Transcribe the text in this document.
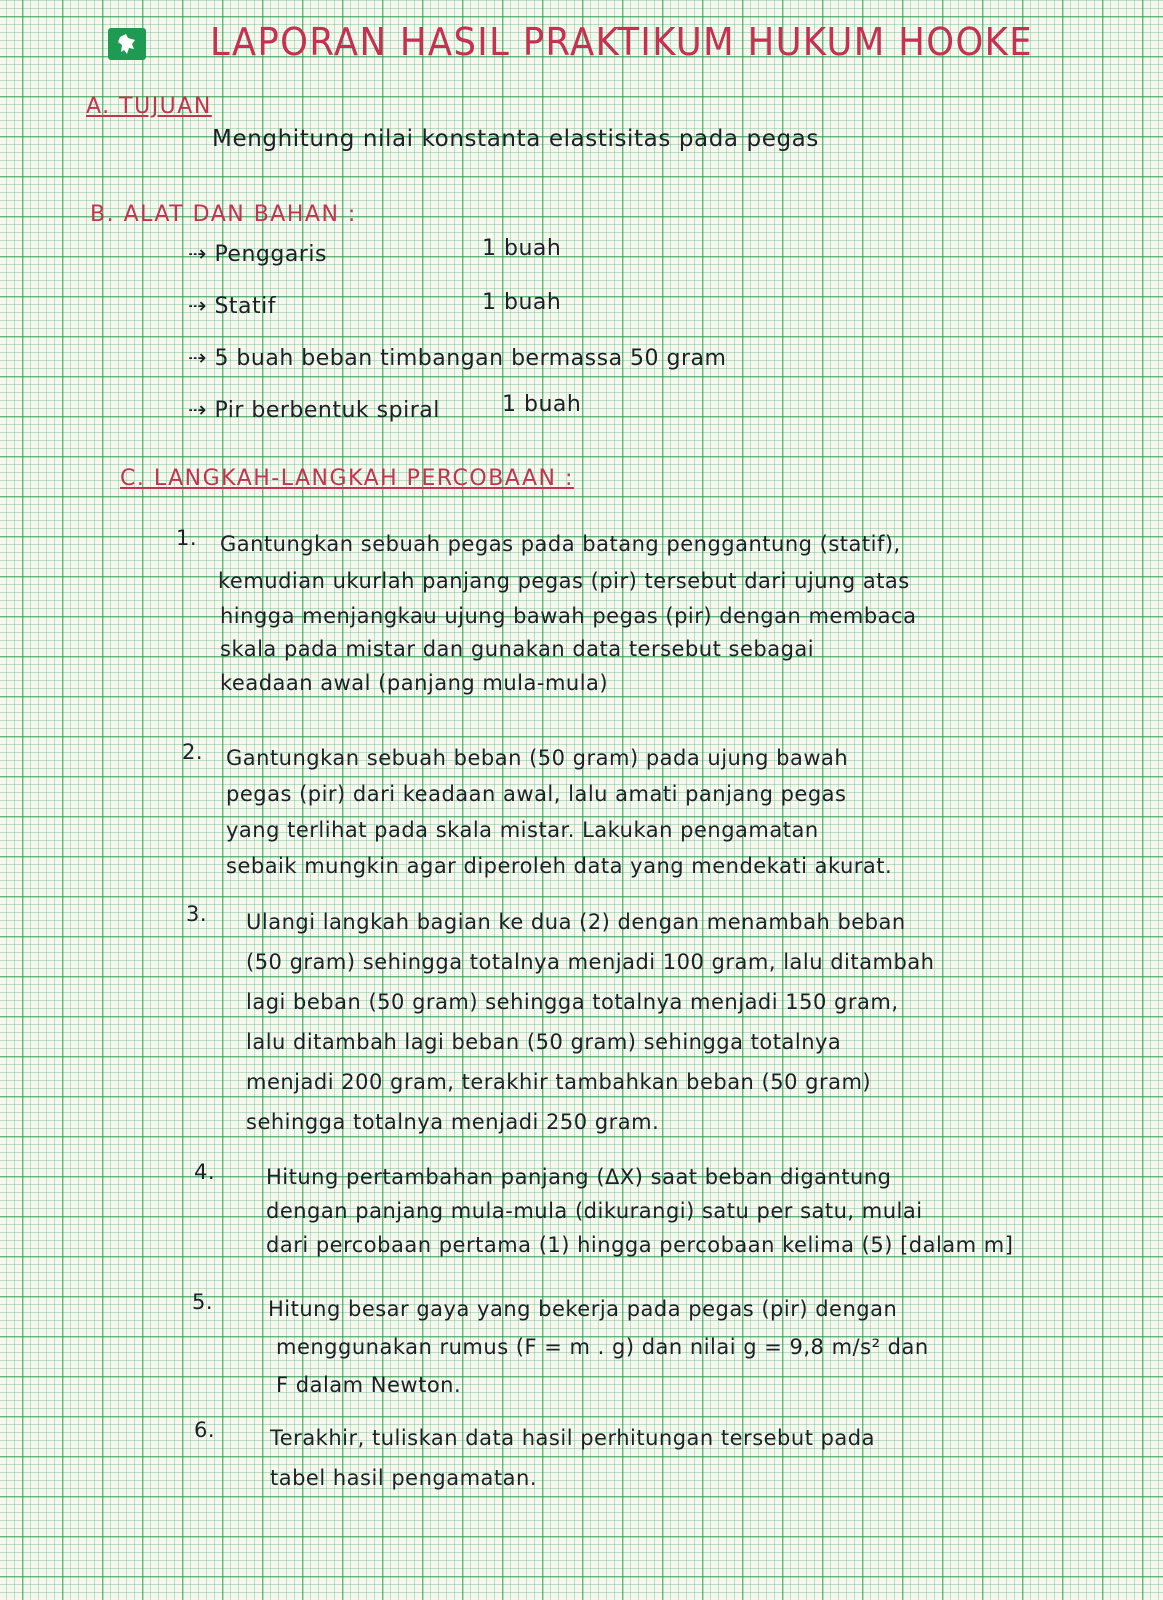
LAPORAN HASIL PRAKTIKUM HUKUM HOOKE
A. TUJUAN
Menghitung nilai konstanta elastisitas pada pegas
B. ALAT DAN BAHAN :
⇢ Penggaris	1 buah
⇢ Statif	1 buah
⇢ 5 buah beban timbangan bermassa 50 gram
⇢ Pir berbentuk spiral	1 buah
C. LANGKAH-LANGKAH PERCOBAAN :
1. Gantungkan sebuah pegas pada batang penggantung (statif),
kemudian ukurlah panjang pegas (pir) tersebut dari ujung atas
hingga menjangkau ujung bawah pegas (pir) dengan membaca
skala pada mistar dan gunakan data tersebut sebagai
keadaan awal (panjang mula-mula)
2. Gantungkan sebuah beban (50 gram) pada ujung bawah
pegas (pir) dari keadaan awal, lalu amati panjang pegas
yang terlihat pada skala mistar. Lakukan pengamatan
sebaik mungkin agar diperoleh data yang mendekati akurat.
3. Ulangi langkah bagian ke dua (2) dengan menambah beban
(50 gram) sehingga totalnya menjadi 100 gram, lalu ditambah
lagi beban (50 gram) sehingga totalnya menjadi 150 gram,
lalu ditambah lagi beban (50 gram) sehingga totalnya
menjadi 200 gram, terakhir tambahkan beban (50 gram)
sehingga totalnya menjadi 250 gram.
4. Hitung pertambahan panjang (ΔX) saat beban digantung
dengan panjang mula-mula (dikurangi) satu per satu, mulai
dari percobaan pertama (1) hingga percobaan kelima (5) [dalam m]
5.	Hitung besar gaya yang bekerja pada pegas (pir) dengan
menggunakan rumus (F = m . g) dan nilai g = 9,8 m/s² dan
F dalam Newton.
6.	Terakhir, tuliskan data hasil perhitungan tersebut pada
tabel hasil pengamatan.
